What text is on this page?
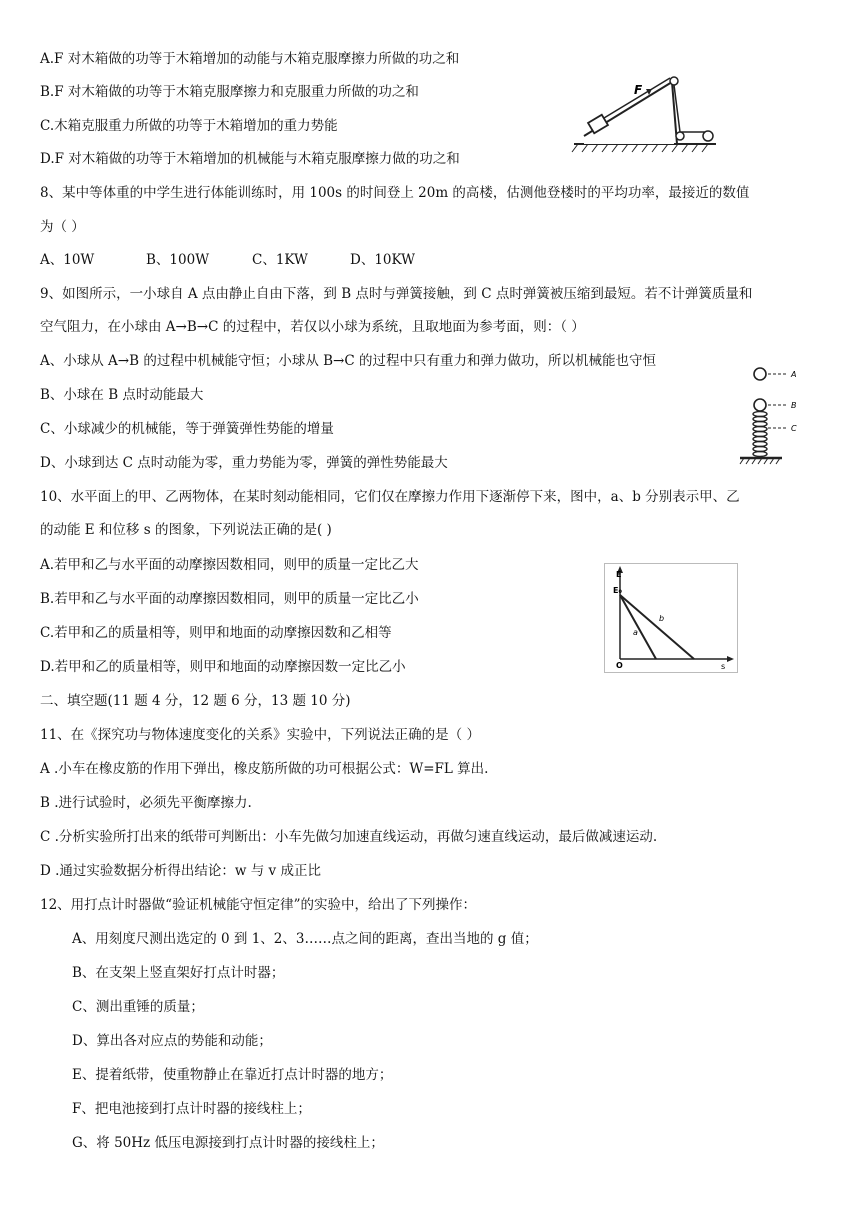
A.F 对木箱做的功等于木箱增加的动能与木箱克服摩擦力所做的功之和
B.F 对木箱做的功等于木箱克服摩擦力和克服重力所做的功之和
C.木箱克服重力所做的功等于木箱增加的重力势能
D.F 对木箱做的功等于木箱增加的机械能与木箱克服摩擦力做的功之和
F
8、某中等体重的中学生进行体能训练时，用 100s 的时间登上 20m 的高楼，估测他登楼时的平均功率，最接近的数值
为（ ）
A、10W	B、100W	C、1KW	D、10KW
9、如图所示，一小球自 A 点由静止自由下落，到 B 点时与弹簧接触，到 C 点时弹簧被压缩到最短。若不计弹簧质量和
空气阻力，在小球由 A→B→C 的过程中，若仅以小球为系统，且取地面为参考面，则：（ ）
A、小球从 A→B 的过程中机械能守恒；小球从 B→C 的过程中只有重力和弹力做功，所以机械能也守恒
B、小球在 B 点时动能最大
C、小球减少的机械能，等于弹簧弹性势能的增量
D、小球到达 C 点时动能为零，重力势能为零，弹簧的弹性势能最大
A
B
C
10、水平面上的甲、乙两物体，在某时刻动能相同，它们仅在摩擦力作用下逐渐停下来，图中，a、b 分别表示甲、乙
的动能 E 和位移 s 的图象，下列说法正确的是( )
A.若甲和乙与水平面的动摩擦因数相同，则甲的质量一定比乙大
B.若甲和乙与水平面的动摩擦因数相同，则甲的质量一定比乙小
C.若甲和乙的质量相等，则甲和地面的动摩擦因数和乙相等
D.若甲和乙的质量相等，则甲和地面的动摩擦因数一定比乙小
E
E₀
O	s
a
b
二、填空题(11 题 4 分，12 题 6 分，13 题 10 分)
11、在《探究功与物体速度变化的关系》实验中，下列说法正确的是（ ）
A .小车在橡皮筋的作用下弹出，橡皮筋所做的功可根据公式：W=FL 算出.
B .进行试验时，必须先平衡摩擦力.
C .分析实验所打出来的纸带可判断出：小车先做匀加速直线运动，再做匀速直线运动，最后做减速运动.
D .通过实验数据分析得出结论：w 与 v 成正比
12、用打点计时器做“验证机械能守恒定律”的实验中，给出了下列操作：
A、用刻度尺测出选定的 0 到 1、2、3……点之间的距离，查出当地的 g 值；
B、在支架上竖直架好打点计时器；
C、测出重锤的质量；
D、算出各对应点的势能和动能；
E、提着纸带，使重物静止在靠近打点计时器的地方；
F、把电池接到打点计时器的接线柱上；
G、将 50Hz 低压电源接到打点计时器的接线柱上；
